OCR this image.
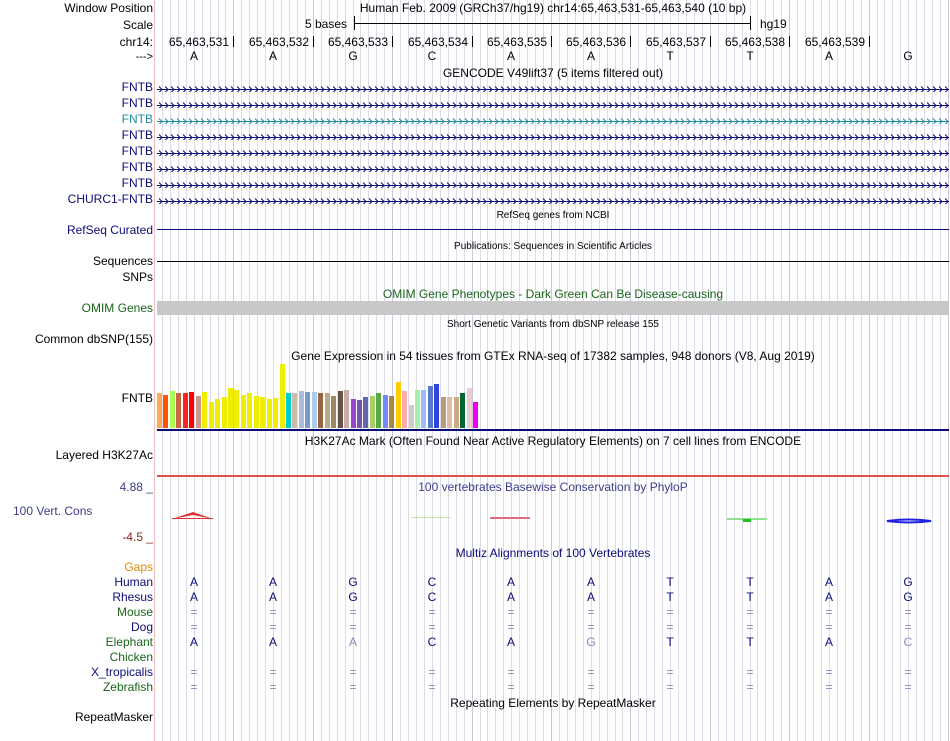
Window Position	Human Feb. 2009 (GRCh37/hg19) chr14:65,463,531-65,463,540 (10 bp)
Scale	5 bases	hg19
chr14: 65,463,531 65,463,532 65,463,533 65,463,534 65,463,535 65,463,536 65,463,537 65,463,538 65,463,539
--->	A	A	G	C	A	A	T	T	A	G
GENCODE V49lift37 (5 items filtered out)
FNTB
FNTB
FNTB
FNTB
FNTB
FNTB
FNTB
CHURC1-FNTB
RefSeq genes from NCBI
RefSeq Curated
Publications: Sequences in Scientific Articles
Sequences
SNPs
OMIM Gene Phenotypes - Dark Green Can Be Disease-causing
OMIM Genes
Short Genetic Variants from dbSNP release 155
Common dbSNP(155)
Gene Expression in 54 tissues from GTEx RNA-seq of 17382 samples, 948 donors (V8, Aug 2019)
FNTB
H3K27Ac Mark (Often Found Near Active Regulatory Elements) on 7 cell lines from ENCODE
Layered H3K27Ac
100 vertebrates Basewise Conservation by PhyloP
4.88 _
100 Vert. Cons
-4.5 _
Multiz Alignments of 100 Vertebrates
Gaps
Human	A	A	G	C	A	A	T	T	A	G
Rhesus	A	A	G	C	A	A	T	T	A	G
Mouse	=	=	=	=	=	=	=	=	=	=
Dog	=	=	=	=	=	=	=	=	=	=
Elephant	A	A	A	C	A	G	T	T	A	C
Chicken
X_tropicalis	=	=	=	=	=	=	=	=	=	=
Zebrafish	=	=	=	=	=	=	=	=	=	=
Repeating Elements by RepeatMasker
RepeatMasker
